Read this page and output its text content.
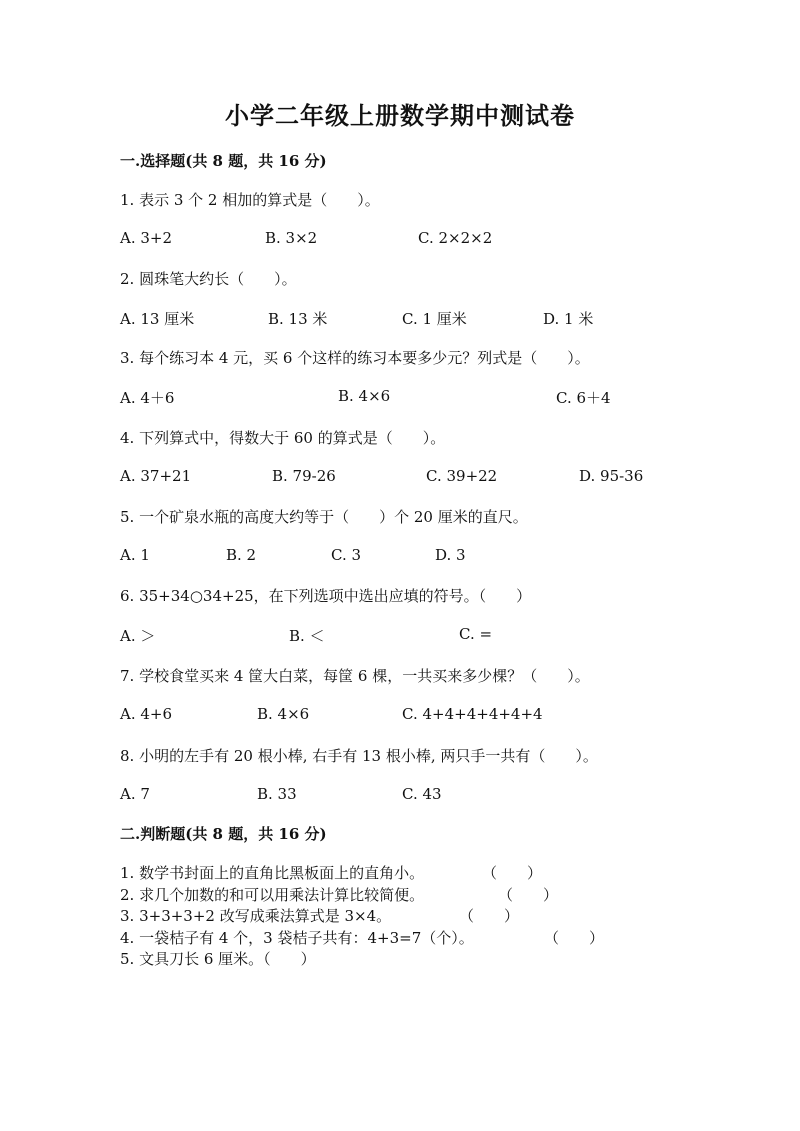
小学二年级上册数学期中测试卷
一.选择题(共 8 题，共 16 分)
1. 表示 3 个 2 相加的算式是（　　）。
A. 3+2	B. 3×2	C. 2×2×2
2. 圆珠笔大约长（　　）。
A. 13 厘米	B. 13 米	C. 1 厘米	D. 1 米
3. 每个练习本 4 元，买 6 个这样的练习本要多少元？列式是（　　）。
A. 4＋6	B. 4×6	C. 6＋4
4. 下列算式中，得数大于 60 的算式是（　　）。
A. 37+21	B. 79-26	C. 39+22	D. 95-36
5. 一个矿泉水瓶的高度大约等于（　　）个 20 厘米的直尺。
A. 1	B. 2	C. 3	D. 3
6. 35+34○34+25，在下列选项中选出应填的符号。（　　）
A. ＞	B. ＜	C. =
7. 学校食堂买来 4 筐大白菜，每筐 6 棵，一共买来多少棵？（　　）。
A. 4+6	B. 4×6	C. 4+4+4+4+4+4
8. 小明的左手有 20 根小棒, 右手有 13 根小棒, 两只手一共有（　　）。
A. 7	B. 33	C. 43
二.判断题(共 8 题，共 16 分)
1. 数学书封面上的直角比黑板面上的直角小。	（　　）
2. 求几个加数的和可以用乘法计算比较简便。	（　　）
3. 3+3+3+2 改写成乘法算式是 3×4。	（　　）
4. 一袋桔子有 4 个，3 袋桔子共有：4+3=7（个）。	（　　）
5. 文具刀长 6 厘米。（　　）
